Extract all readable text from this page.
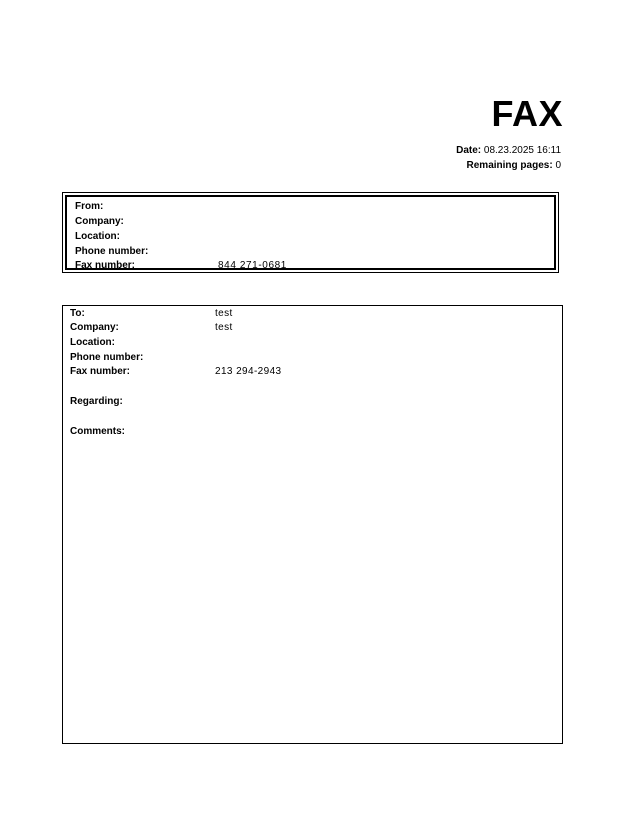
FAX
Date: 08.23.2025 16:11
Remaining pages: 0
From:
Company:
Location:
Phone number:
Fax number:	844 271-0681
To:	test
Company:	test
Location:
Phone number:
Fax number:	213 294-2943
Regarding:
Comments:
